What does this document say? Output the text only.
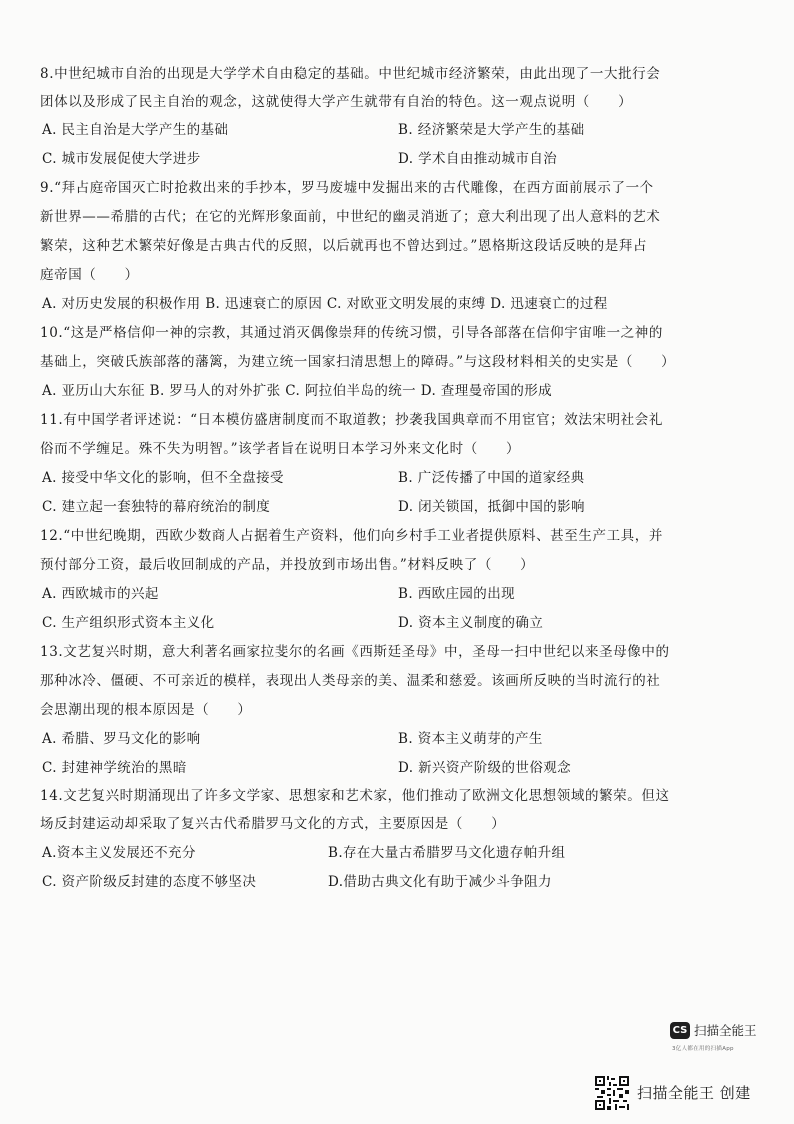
8.中世纪城市自治的出现是大学学术自由稳定的基础。中世纪城市经济繁荣，由此出现了一大批行会
团体以及形成了民主自治的观念，这就使得大学产生就带有自治的特色。这一观点说明（　　）
A. 民主自治是大学产生的基础	B. 经济繁荣是大学产生的基础
C. 城市发展促使大学进步	D. 学术自由推动城市自治
9.“拜占庭帝国灭亡时抢救出来的手抄本，罗马废墟中发掘出来的古代雕像，在西方面前展示了一个
新世界——希腊的古代；在它的光辉形象面前，中世纪的幽灵消逝了；意大利出现了出人意料的艺术
繁荣，这种艺术繁荣好像是古典古代的反照，以后就再也不曾达到过。”恩格斯这段话反映的是拜占
庭帝国（　　）
A. 对历史发展的积极作用 B. 迅速衰亡的原因 C. 对欧亚文明发展的束缚 D. 迅速衰亡的过程
10.“这是严格信仰一神的宗教，其通过消灭偶像崇拜的传统习惯，引导各部落在信仰宇宙唯一之神的
基础上，突破氏族部落的藩篱，为建立统一国家扫清思想上的障碍。”与这段材料相关的史实是（　　）
A. 亚历山大东征 B. 罗马人的对外扩张 C. 阿拉伯半岛的统一 D. 查理曼帝国的形成
11.有中国学者评述说：“日本模仿盛唐制度而不取道教；抄袭我国典章而不用宦官；效法宋明社会礼
俗而不学缠足。殊不失为明智。”该学者旨在说明日本学习外来文化时（　　）
A. 接受中华文化的影响，但不全盘接受	B. 广泛传播了中国的道家经典
C. 建立起一套独特的幕府统治的制度	D. 闭关锁国，抵御中国的影响
12.“中世纪晚期，西欧少数商人占据着生产资料，他们向乡村手工业者提供原料、甚至生产工具，并
预付部分工资，最后收回制成的产品，并投放到市场出售。”材料反映了（　　）
A. 西欧城市的兴起	B. 西欧庄园的出现
C. 生产组织形式资本主义化	D. 资本主义制度的确立
13.文艺复兴时期，意大利著名画家拉斐尔的名画《西斯廷圣母》中，圣母一扫中世纪以来圣母像中的
那种冰冷、僵硬、不可亲近的模样，表现出人类母亲的美、温柔和慈爱。该画所反映的当时流行的社
会思潮出现的根本原因是（　　）
A. 希腊、罗马文化的影响	B. 资本主义萌芽的产生
C. 封建神学统治的黑暗	D. 新兴资产阶级的世俗观念
14.文艺复兴时期涌现出了许多文学家、思想家和艺术家，他们推动了欧洲文化思想领域的繁荣。但这
场反封建运动却采取了复兴古代希腊罗马文化的方式，主要原因是（　　）
A.资本主义发展还不充分	B.存在大量古希腊罗马文化遗存帕升组
C. 资产阶级反封建的态度不够坚决	D.借助古典文化有助于减少斗争阻力
CS 扫描全能王
3亿人都在用的扫描App
扫描全能王 创建
